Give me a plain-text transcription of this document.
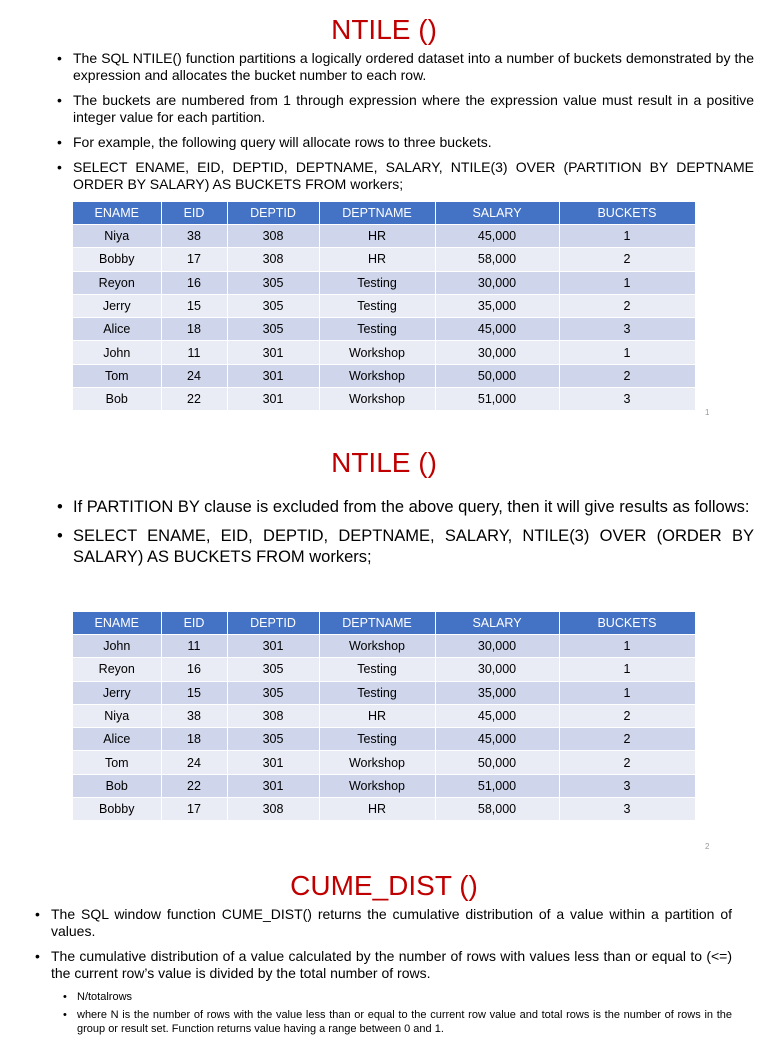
NTILE ()
• The SQL NTILE() function partitions a logically ordered dataset into a number of buckets demonstrated by the expression and allocates the bucket number to each row.
• The buckets are numbered from 1 through expression where the expression value must result in a positive integer value for each partition.
• For example, the following query will allocate rows to three buckets.
• SELECT ENAME, EID, DEPTID, DEPTNAME, SALARY, NTILE(3) OVER (PARTITION BY DEPTNAME ORDER BY SALARY) AS BUCKETS FROM workers;
ENAME	EID	DEPTID	DEPTNAME	SALARY	BUCKETS
Niya	38	308	HR	45,000	1
Bobby	17	308	HR	58,000	2
Reyon	16	305	Testing	30,000	1
Jerry	15	305	Testing	35,000	2
Alice	18	305	Testing	45,000	3
John	11	301	Workshop	30,000	1
Tom	24	301	Workshop	50,000	2
Bob	22	301	Workshop	51,000	3
1
NTILE ()
• If PARTITION BY clause is excluded from the above query, then it will give results as follows:
• SELECT ENAME, EID, DEPTID, DEPTNAME, SALARY, NTILE(3) OVER (ORDER BY SALARY) AS BUCKETS FROM workers;
ENAME	EID	DEPTID	DEPTNAME	SALARY	BUCKETS
John	11	301	Workshop	30,000	1
Reyon	16	305	Testing	30,000	1
Jerry	15	305	Testing	35,000	1
Niya	38	308	HR	45,000	2
Alice	18	305	Testing	45,000	2
Tom	24	301	Workshop	50,000	2
Bob	22	301	Workshop	51,000	3
Bobby	17	308	HR	58,000	3
2
CUME_DIST ()
• The SQL window function CUME_DIST() returns the cumulative distribution of a value within a partition of values.
• The cumulative distribution of a value calculated by the number of rows with values less than or equal to (<=) the current row’s value is divided by the total number of rows.
• N/totalrows
• where N is the number of rows with the value less than or equal to the current row value and total rows is the number of rows in the group or result set. Function returns value having a range between 0 and 1.
